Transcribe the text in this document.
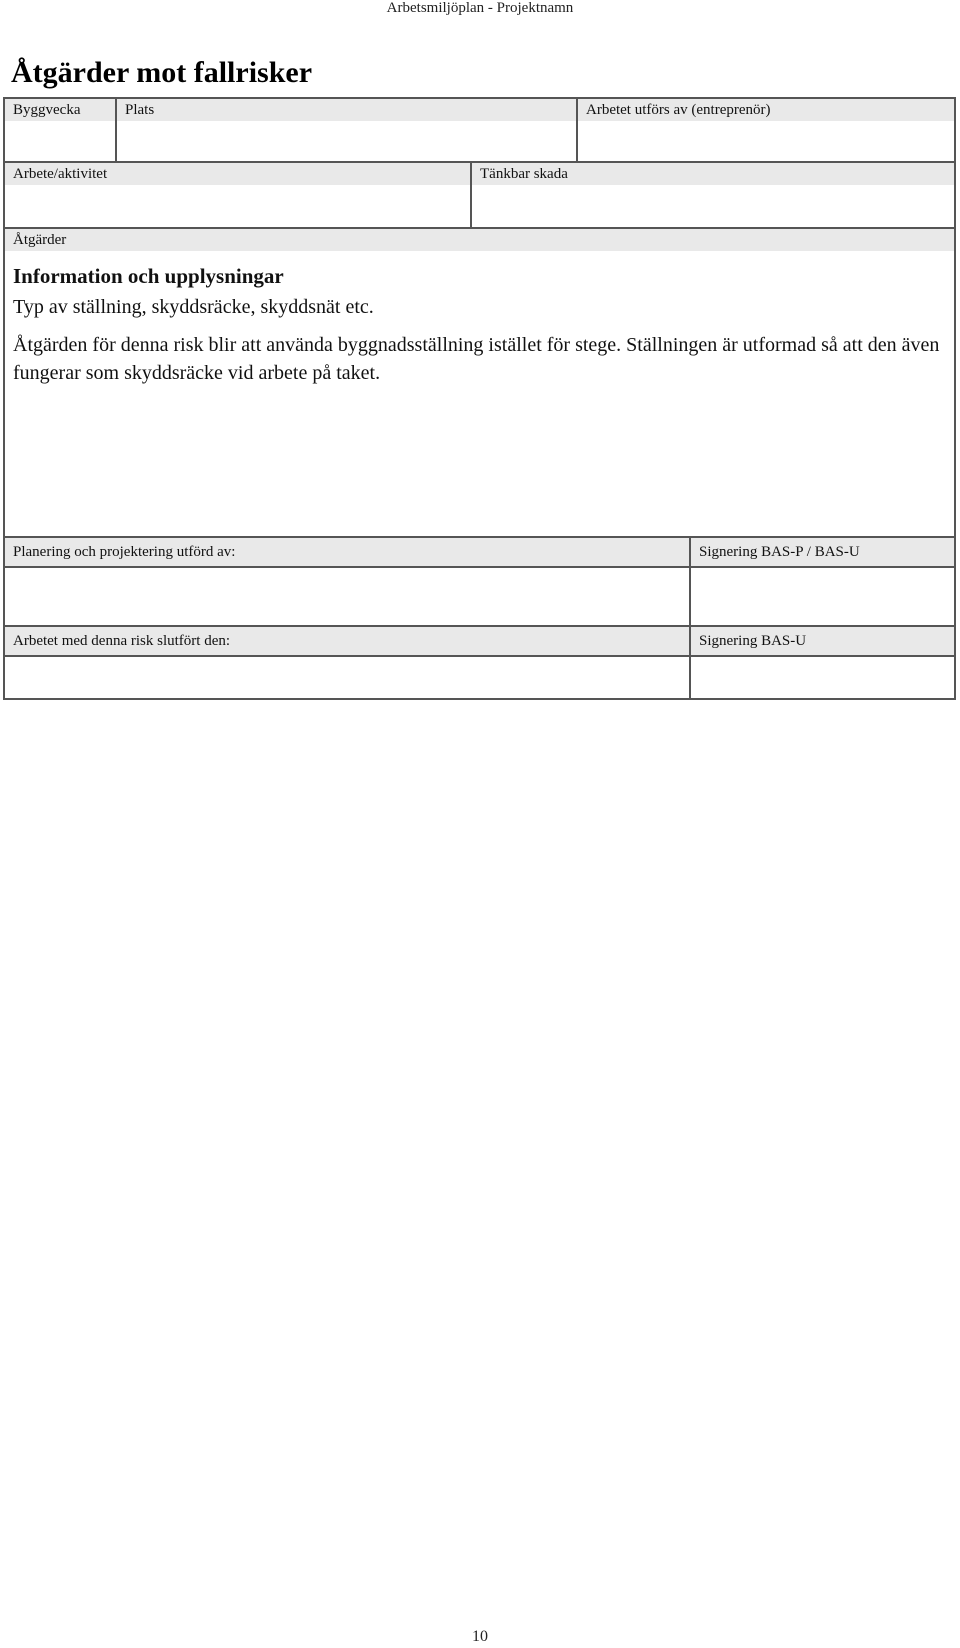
Arbetsmiljöplan - Projektnamn
Åtgärder mot fallrisker
Byggvecka	Plats	Arbetet utförs av (entreprenör)
Arbete/aktivitet	Tänkbar skada
Åtgärder

Information och upplysningar

Typ av ställning, skyddsräcke, skyddsnät etc.

Åtgärden för denna risk blir att använda byggnadsställning istället för stege. Ställningen är utformad så att den även fungerar som skyddsräcke vid arbete på taket.

Planering och projektering utförd av:	Signering BAS-P / BAS-U
Arbetet med denna risk slutfört den:	Signering BAS-U
10
